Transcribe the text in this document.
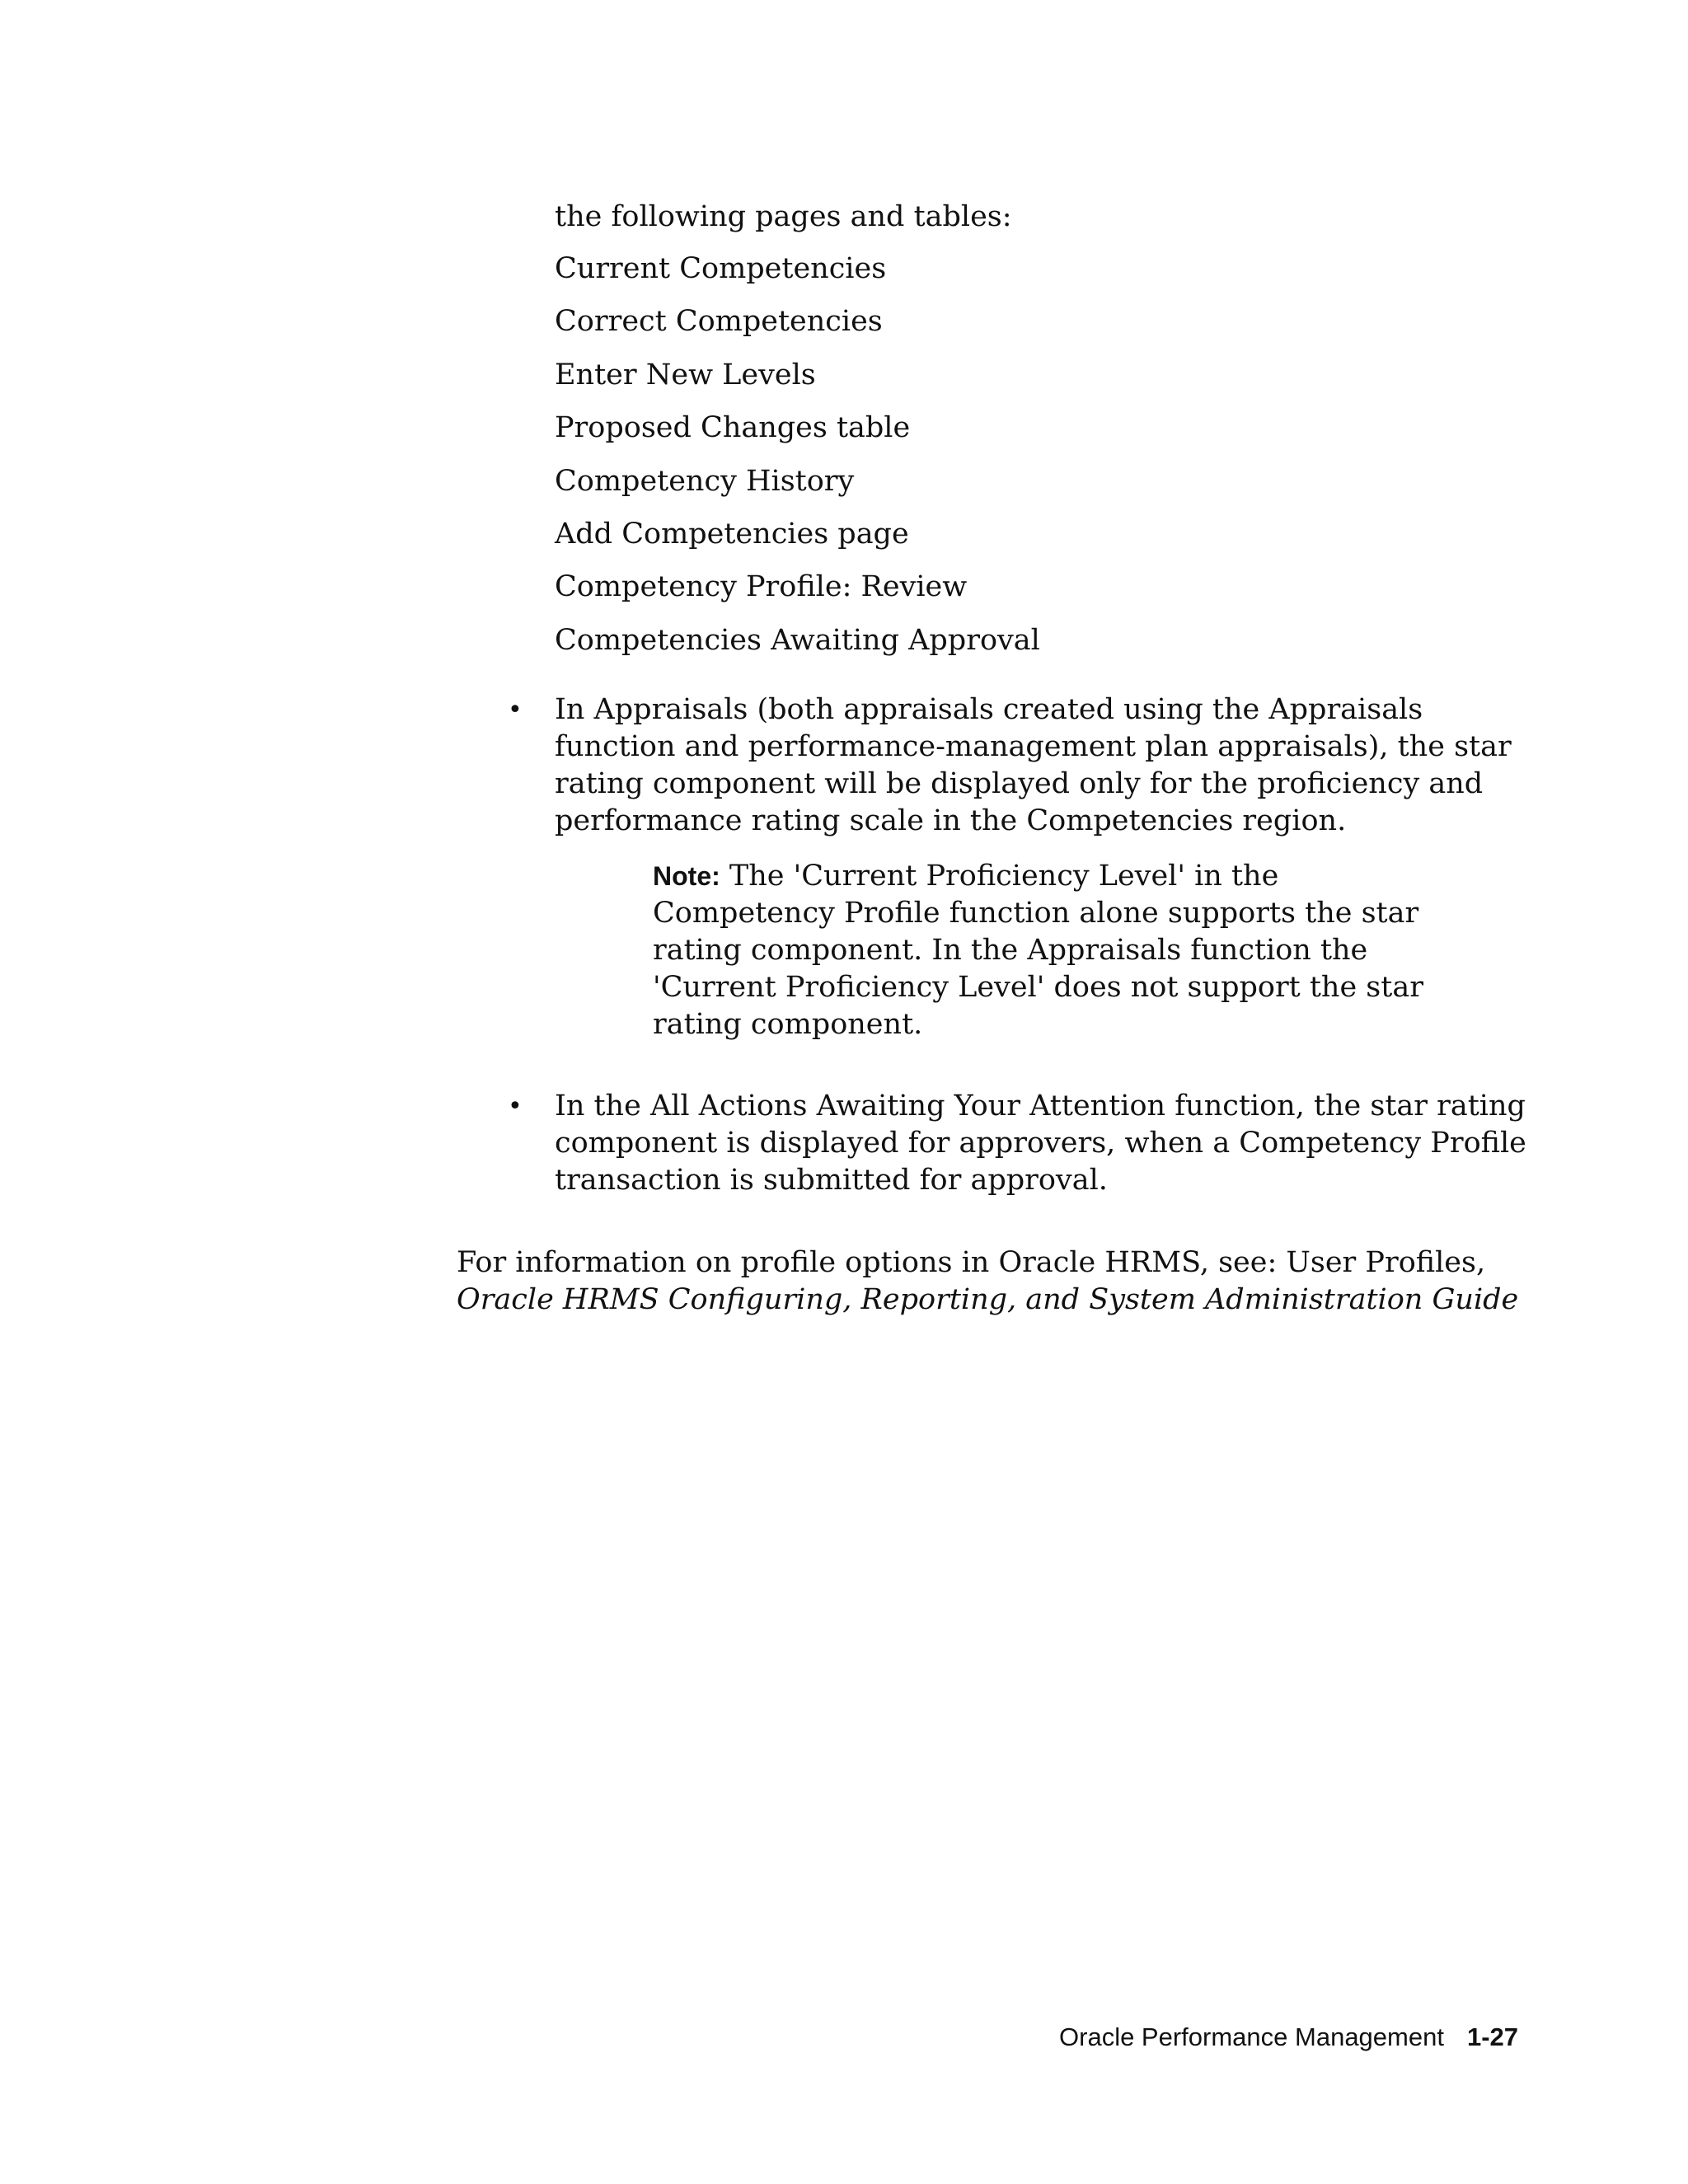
the following pages and tables:
Current Competencies
Correct Competencies
Enter New Levels
Proposed Changes table
Competency History
Add Competencies page
Competency Profile: Review
Competencies Awaiting Approval
• In Appraisals (both appraisals created using the Appraisals function and performance-management plan appraisals), the star rating component will be displayed only for the proficiency and performance rating scale in the Competencies region.
Note: The 'Current Proficiency Level' in the Competency Profile function alone supports the star rating component. In the Appraisals function the 'Current Proficiency Level' does not support the star rating component.
• In the All Actions Awaiting Your Attention function, the star rating component is displayed for approvers, when a Competency Profile transaction is submitted for approval.
For information on profile options in Oracle HRMS, see: User Profiles, Oracle HRMS Configuring, Reporting, and System Administration Guide
Oracle Performance Management 1-27
